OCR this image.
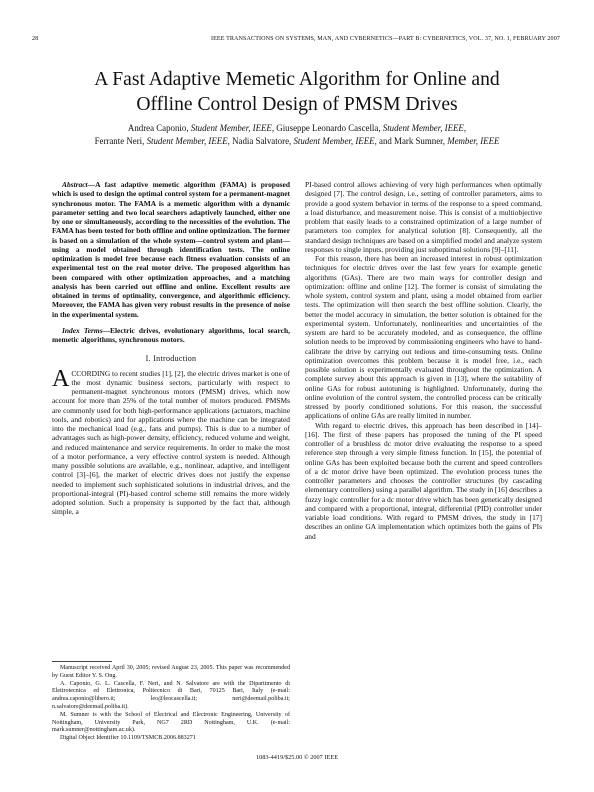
28	IEEE TRANSACTIONS ON SYSTEMS, MAN, AND CYBERNETICS—PART B: CYBERNETICS, VOL. 37, NO. 1, FEBRUARY 2007
A Fast Adaptive Memetic Algorithm for Online and
Offline Control Design of PMSM Drives
Andrea Caponio, Student Member, IEEE, Giuseppe Leonardo Cascella, Student Member, IEEE,
Ferrante Neri, Student Member, IEEE, Nadia Salvatore, Student Member, IEEE, and Mark Sumner, Member, IEEE

Abstract—A fast adaptive memetic algorithm (FAMA) is proposed which is used to design the optimal control system for a permanent-magnet synchronous motor. The FAMA is a memetic algorithm with a dynamic parameter setting and two local searchers adaptively launched, either one by one or simultaneously, according to the necessities of the evolution. The FAMA has been tested for both offline and online optimization. The former is based on a simulation of the whole system—control system and plant—using a model obtained through identification tests. The online optimization is model free because each fitness evaluation consists of an experimental test on the real motor drive. The proposed algorithm has been compared with other optimization approaches, and a matching analysis has been carried out offline and online. Excellent results are obtained in terms of optimality, convergence, and algorithmic efficiency. Moreover, the FAMA has given very robust results in the presence of noise in the experimental system.

Index Terms—Electric drives, evolutionary algorithms, local search, memetic algorithms, synchronous motors.

I. Introduction

ACCORDING to recent studies [1], [2], the electric drives market is one of the most dynamic business sectors, particularly with respect to permanent-magnet synchronous motors (PMSM) drives, which now account for more than 25% of the total number of motors produced. PMSMs are commonly used for both high-performance applications (actuators, machine tools, and robotics) and for applications where the machine can be integrated into the mechanical load (e.g., fans and pumps). This is due to a number of advantages such as high-power density, efficiency, reduced volume and weight, and reduced maintenance and service requirements. In order to make the most of a motor performance, a very effective control system is needed. Although many possible solutions are available, e.g., nonlinear, adaptive, and intelligent control [3]–[6], the market of electric drives does not justify the expense needed to implement such sophisticated solutions in industrial drives, and the proportional-integral (PI)-based control scheme still remains the more widely adopted solution. Such a propensity is supported by the fact that, although simple, a

Manuscript received April 30, 2005; revised August 23, 2005. This paper was recommended by Guest Editor Y. S. Ong.

A. Caponio, G. L. Cascella, F. Neri, and N. Salvatore are with the Dipartimento di Elettrotecnica ed Elettronica, Politecnico di Bari, 70125 Bari, Italy (e-mail: andrea.caponio@libero.it; leo@leocascella.it; neri@deemail.poliba.it; n.salvatore@deemail.poliba.it).

M. Sumner is with the School of Electrical and Electronic Engineering, University of Nottingham, University Park, NG7 2RD Nottingham, U.K. (e-mail: mark.sumner@nottingham.ac.uk).

Digital Object Identifier 10.1109/TSMCB.2006.883271

PI-based control allows achieving of very high performances when optimally designed [7]. The control design, i.e., setting of controller parameters, aims to provide a good system behavior in terms of the response to a speed command, a load disturbance, and measurement noise. This is consist of a multiobjective problem that easily leads to a constrained optimization of a large number of parameters too complex for analytical solution [8]. Consequently, all the standard design techniques are based on a simplified model and analyze system responses to single inputs, providing just suboptimal solutions [9]–[11].

For this reason, there has been an increased interest in robust optimization techniques for electric drives over the last few years for example genetic algorithms (GAs). There are two main ways for controller design and optimization: offline and online [12]. The former is consist of simulating the whole system, control system and plant, using a model obtained from earlier tests. The optimization will then search the best offline solution. Clearly, the better the model accuracy in simulation, the better solution is obtained for the experimental system. Unfortunately, nonlinearities and uncertainties of the system are hard to be accurately modeled, and as consequence, the offline solution needs to be improved by commissioning engineers who have to hand-calibrate the drive by carrying out tedious and time-consuming tests. Online optimization overcomes this problem because it is model free, i.e., each possible solution is experimentally evaluated throughout the optimization. A complete survey about this approach is given in [13], where the suitability of online GAs for robust autotuning is highlighted. Unfortunately, during the online evolution of the control system, the controlled process can be critically stressed by poorly conditioned solutions. For this reason, the successful applications of online GAs are really limited in number.

With regard to electric drives, this approach has been described in [14]–[16]. The first of these papers has proposed the tuning of the PI speed controller of a brushless dc motor drive evaluating the response to a speed reference step through a very simple fitness function. In [15], the potential of online GAs has been exploited because both the current and speed controllers of a dc motor drive have been optimized. The evolution process tunes the controller parameters and chooses the controller structures (by cascading elementary controllers) using a parallel algorithm. The study in [16] describes a fuzzy logic controller for a dc motor drive which has been genetically designed and compared with a proportional, integral, differential (PID) controller under variable load conditions. With regard to PMSM drives, the study in [17] describes an online GA implementation which optimizes both the gains of PIs and

1083-4419/$25.00 © 2007 IEEE
